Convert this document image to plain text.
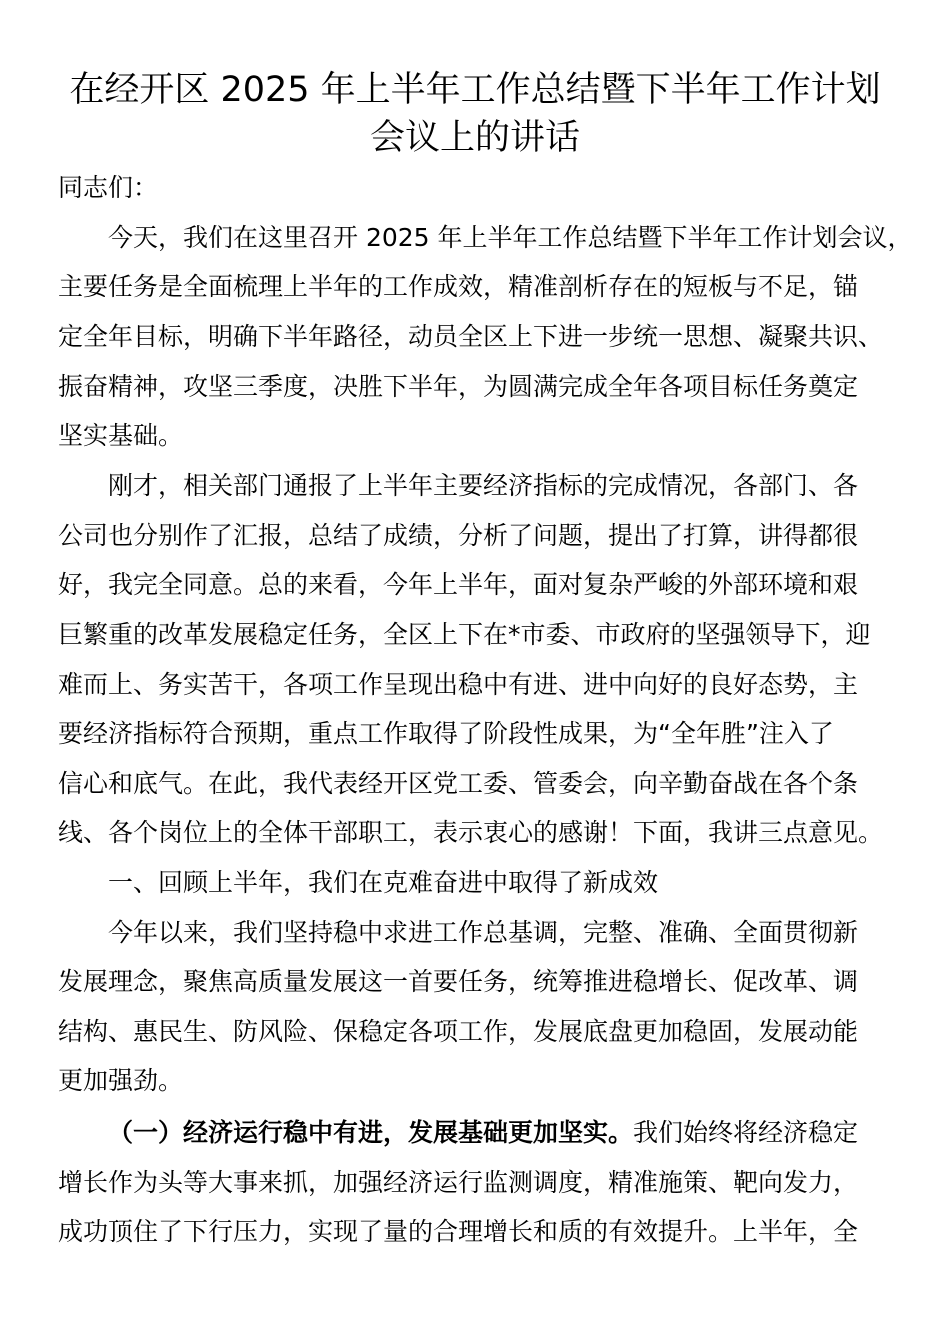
在经开区 2025 年上半年工作总结暨下半年工作计划
会议上的讲话

同志们：

今天，我们在这里召开 2025 年上半年工作总结暨下半年工作计划会议，

主要任务是全面梳理上半年的工作成效，精准剖析存在的短板与不足，锚

定全年目标，明确下半年路径，动员全区上下进一步统一思想、凝聚共识、

振奋精神，攻坚三季度，决胜下半年，为圆满完成全年各项目标任务奠定

坚实基础。

刚才，相关部门通报了上半年主要经济指标的完成情况，各部门、各

公司也分别作了汇报，总结了成绩，分析了问题，提出了打算，讲得都很

好，我完全同意。总的来看，今年上半年，面对复杂严峻的外部环境和艰

巨繁重的改革发展稳定任务，全区上下在*市委、市政府的坚强领导下，迎

难而上、务实苦干，各项工作呈现出稳中有进、进中向好的良好态势，主

要经济指标符合预期，重点工作取得了阶段性成果，为“全年胜”注入了

信心和底气。在此，我代表经开区党工委、管委会，向辛勤奋战在各个条

线、各个岗位上的全体干部职工，表示衷心的感谢！下面，我讲三点意见。

一、回顾上半年，我们在克难奋进中取得了新成效

今年以来，我们坚持稳中求进工作总基调，完整、准确、全面贯彻新

发展理念，聚焦高质量发展这一首要任务，统筹推进稳增长、促改革、调

结构、惠民生、防风险、保稳定各项工作，发展底盘更加稳固，发展动能

更加强劲。

（一）经济运行稳中有进，发展基础更加坚实。我们始终将经济稳定

增长作为头等大事来抓，加强经济运行监测调度，精准施策、靶向发力，

成功顶住了下行压力，实现了量的合理增长和质的有效提升。上半年，全
